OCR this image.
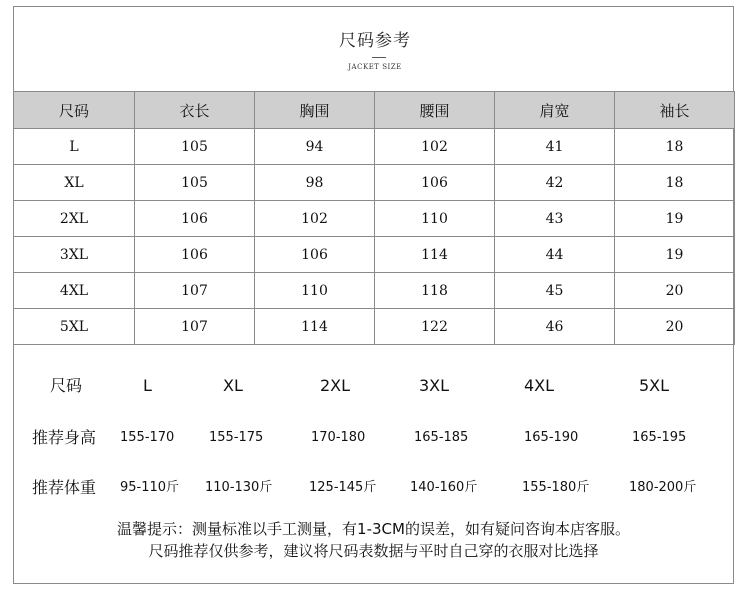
尺码参考
JACKET SIZE
尺码	衣长	胸围	腰围	肩宽	袖长
L	105	94	102	41	18
XL	105	98	106	42	18
2XL	106	102	110	43	19
3XL	106	106	114	44	19
4XL	107	110	118	45	20
5XL	107	114	122	46	20
尺码	L	XL	2XL	3XL	4XL	5XL
推荐身高 155-170	155-175	170-180	165-185	165-190	165-195
推荐体重 95-110斤 110-130斤	125-145斤	140-160斤	155-180斤	180-200斤
温馨提示：测量标准以手工测量，有1-3CM的误差，如有疑问咨询本店客服。
尺码推荐仅供参考，建议将尺码表数据与平时自己穿的衣服对比选择
